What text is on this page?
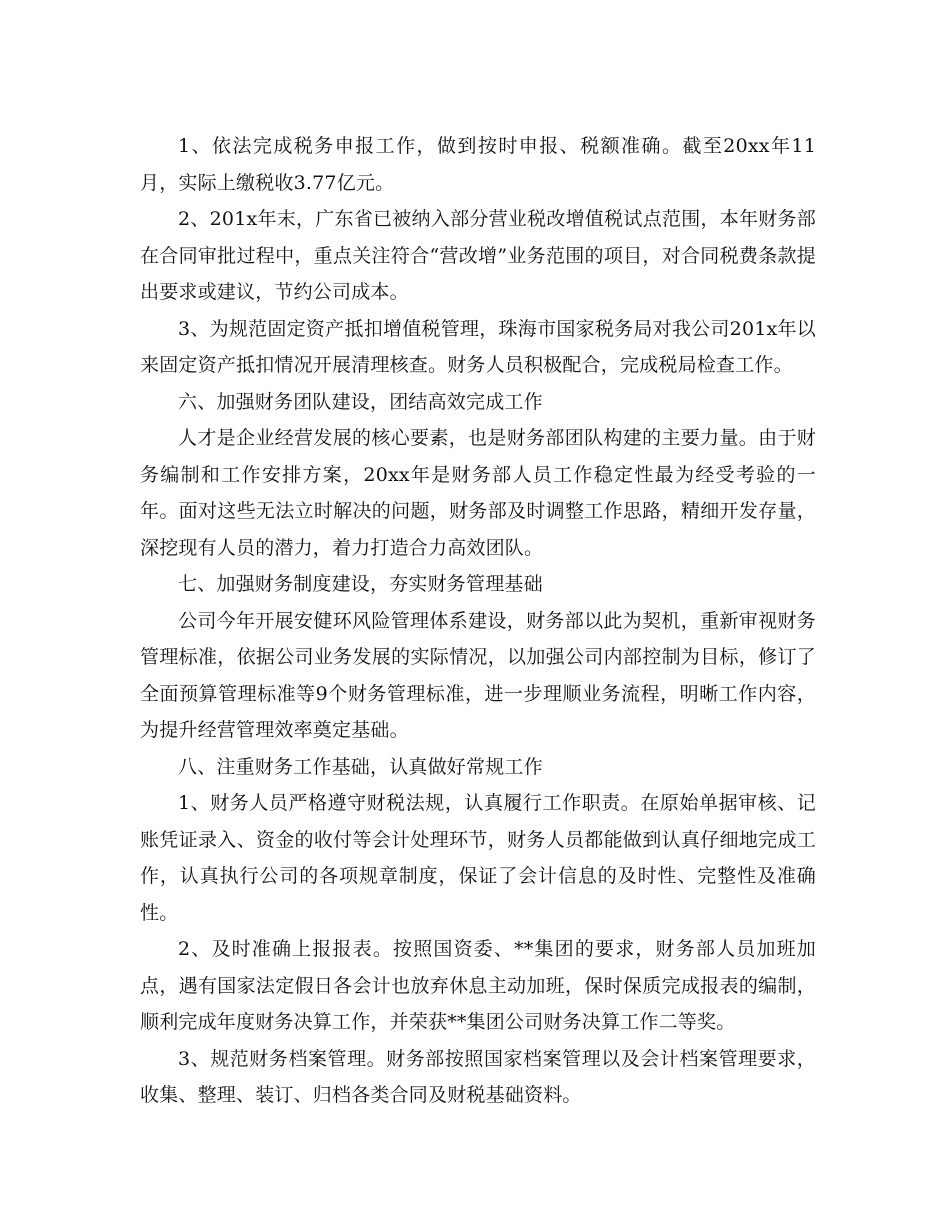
1、依法完成税务申报工作，做到按时申报、税额准确。截至20xx年11月，实际上缴税收3.77亿元。

2、201x年末，广东省已被纳入部分营业税改增值税试点范围，本年财务部在合同审批过程中，重点关注符合“营改增”业务范围的项目，对合同税费条款提出要求或建议，节约公司成本。

3、为规范固定资产抵扣增值税管理，珠海市国家税务局对我公司201x年以来固定资产抵扣情况开展清理核查。财务人员积极配合，完成税局检查工作。

六、加强财务团队建设，团结高效完成工作

人才是企业经营发展的核心要素，也是财务部团队构建的主要力量。由于财务编制和工作安排方案，20xx年是财务部人员工作稳定性最为经受考验的一年。面对这些无法立时解决的问题，财务部及时调整工作思路，精细开发存量，深挖现有人员的潜力，着力打造合力高效团队。

七、加强财务制度建设，夯实财务管理基础

公司今年开展安健环风险管理体系建设，财务部以此为契机，重新审视财务管理标准，依据公司业务发展的实际情况，以加强公司内部控制为目标，修订了全面预算管理标准等9个财务管理标准，进一步理顺业务流程，明晰工作内容，为提升经营管理效率奠定基础。

八、注重财务工作基础，认真做好常规工作

1、财务人员严格遵守财税法规，认真履行工作职责。在原始单据审核、记账凭证录入、资金的收付等会计处理环节，财务人员都能做到认真仔细地完成工作，认真执行公司的各项规章制度，保证了会计信息的及时性、完整性及准确性。

2、及时准确上报报表。按照国资委、**集团的要求，财务部人员加班加点，遇有国家法定假日各会计也放弃休息主动加班，保时保质完成报表的编制，顺利完成年度财务决算工作，并荣获**集团公司财务决算工作二等奖。

3、规范财务档案管理。财务部按照国家档案管理以及会计档案管理要求，收集、整理、装订、归档各类合同及财税基础资料。
